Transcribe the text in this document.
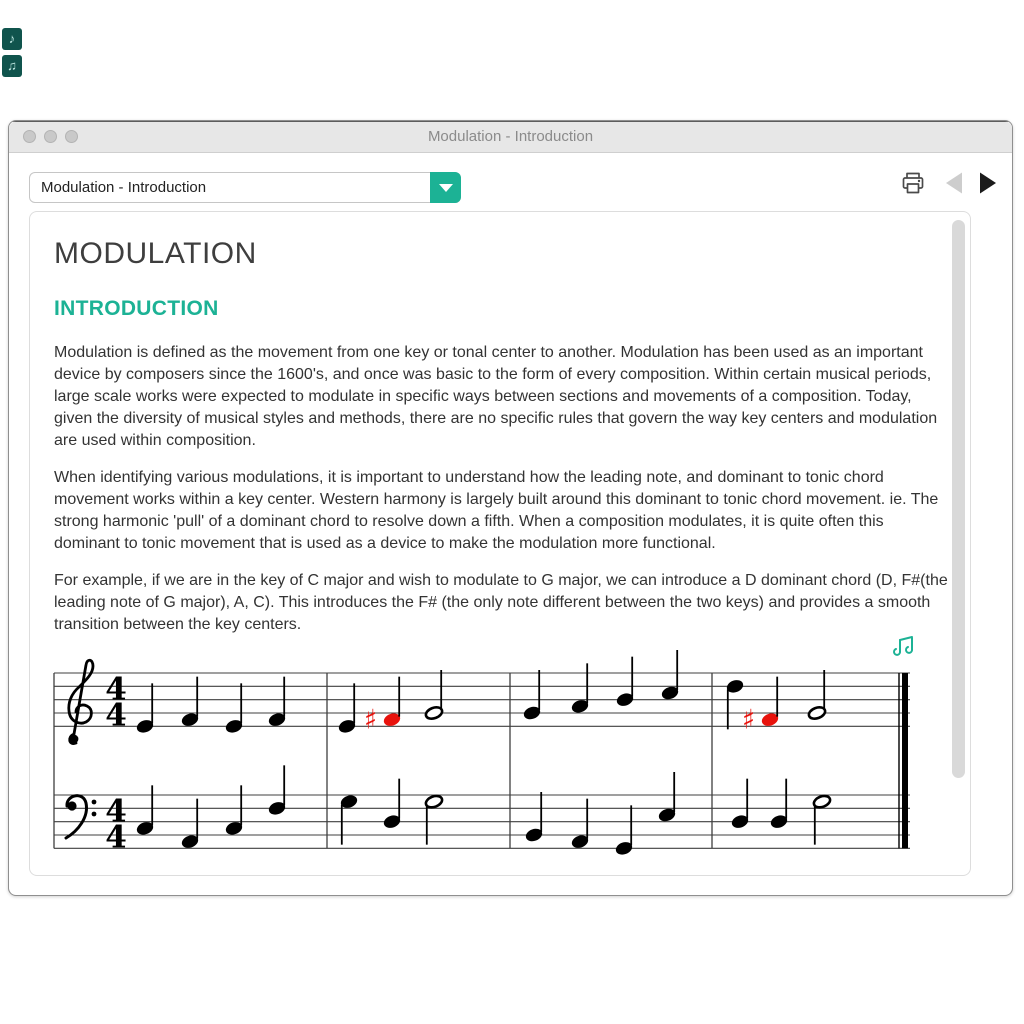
♪
♫
Modulation - Introduction
Modulation - Introduction
MODULATION
INTRODUCTION

Modulation is defined as the movement from one key or tonal center to another. Modulation has been used as an important device by composers since the 1600's, and once was basic to the form of every composition. Within certain musical periods, large scale works were expected to modulate in specific ways between sections and movements of a composition. Today, given the diversity of musical styles and methods, there are no specific rules that govern the way key centers and modulation are used within composition.

When identifying various modulations, it is important to understand how the leading note, and dominant to tonic chord movement works within a key center. Western harmony is largely built around this dominant to tonic chord movement. ie. The strong harmonic 'pull' of a dominant chord to resolve down a fifth. When a composition modulates, it is quite often this dominant to tonic movement that is used as a device to make the modulation more functional.

For example, if we are in the key of C major and wish to modulate to G major, we can introduce a D dominant chord (D, F#(the leading note of G major), A, C). This introduces the F# (the only note different between the two keys) and provides a smooth transition between the key centers.

4
4
4
4
♯	♯
